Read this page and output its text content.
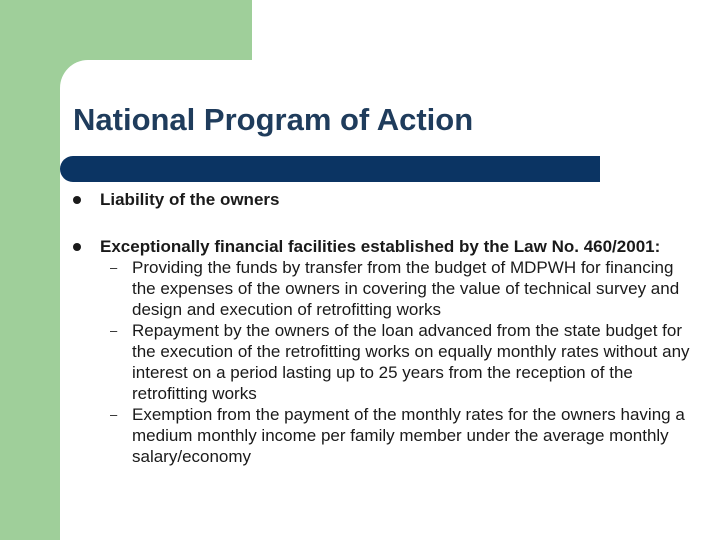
National Program of Action
Liability of the owners
Exceptionally financial facilities established by the Law No. 460/2001:
– Providing the funds by transfer from the budget of MDPWH for financing the expenses of the owners in covering the value of technical survey and design and execution of retrofitting works
– Repayment by the owners of the loan advanced from the state budget for the execution of the retrofitting works on equally monthly rates without any interest on a period lasting up to 25 years from the reception of the retrofitting works
– Exemption from the payment of the monthly rates for the owners having a medium monthly income per family member under the average monthly salary/economy
